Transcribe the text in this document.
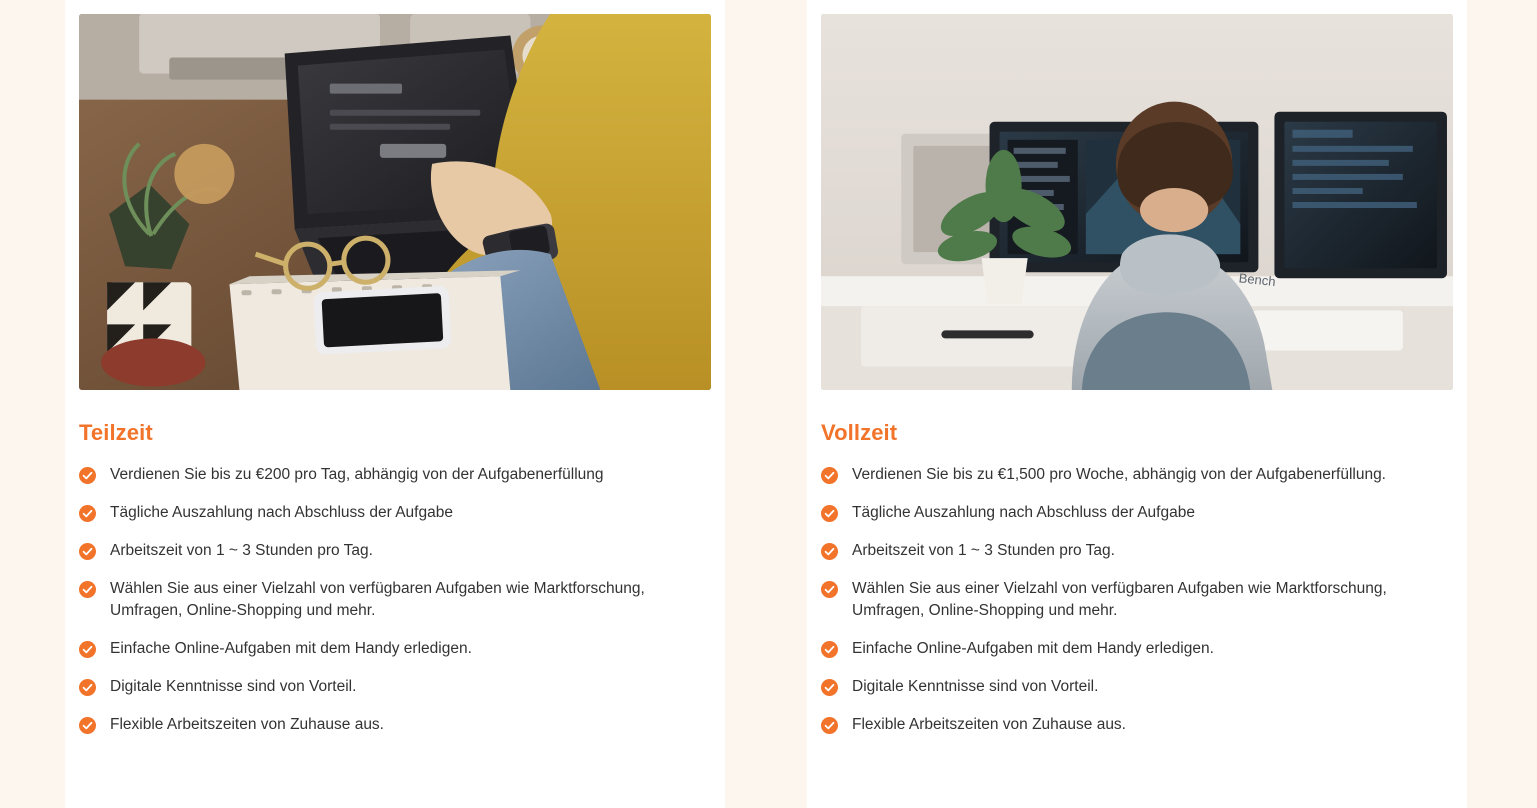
Teilzeit
Verdienen Sie bis zu €200 pro Tag, abhängig von der Aufgabenerfüllung
Tägliche Auszahlung nach Abschluss der Aufgabe
Arbeitszeit von 1 ~ 3 Stunden pro Tag.
Wählen Sie aus einer Vielzahl von verfügbaren Aufgaben wie Marktforschung, Umfragen, Online-Shopping und mehr.
Einfache Online-Aufgaben mit dem Handy erledigen.
Digitale Kenntnisse sind von Vorteil.
Flexible Arbeitszeiten von Zuhause aus.
Bench
Vollzeit
Verdienen Sie bis zu €1,500 pro Woche, abhängig von der Aufgabenerfüllung.
Tägliche Auszahlung nach Abschluss der Aufgabe
Arbeitszeit von 1 ~ 3 Stunden pro Tag.
Wählen Sie aus einer Vielzahl von verfügbaren Aufgaben wie Marktforschung, Umfragen, Online-Shopping und mehr.
Einfache Online-Aufgaben mit dem Handy erledigen.
Digitale Kenntnisse sind von Vorteil.
Flexible Arbeitszeiten von Zuhause aus.
